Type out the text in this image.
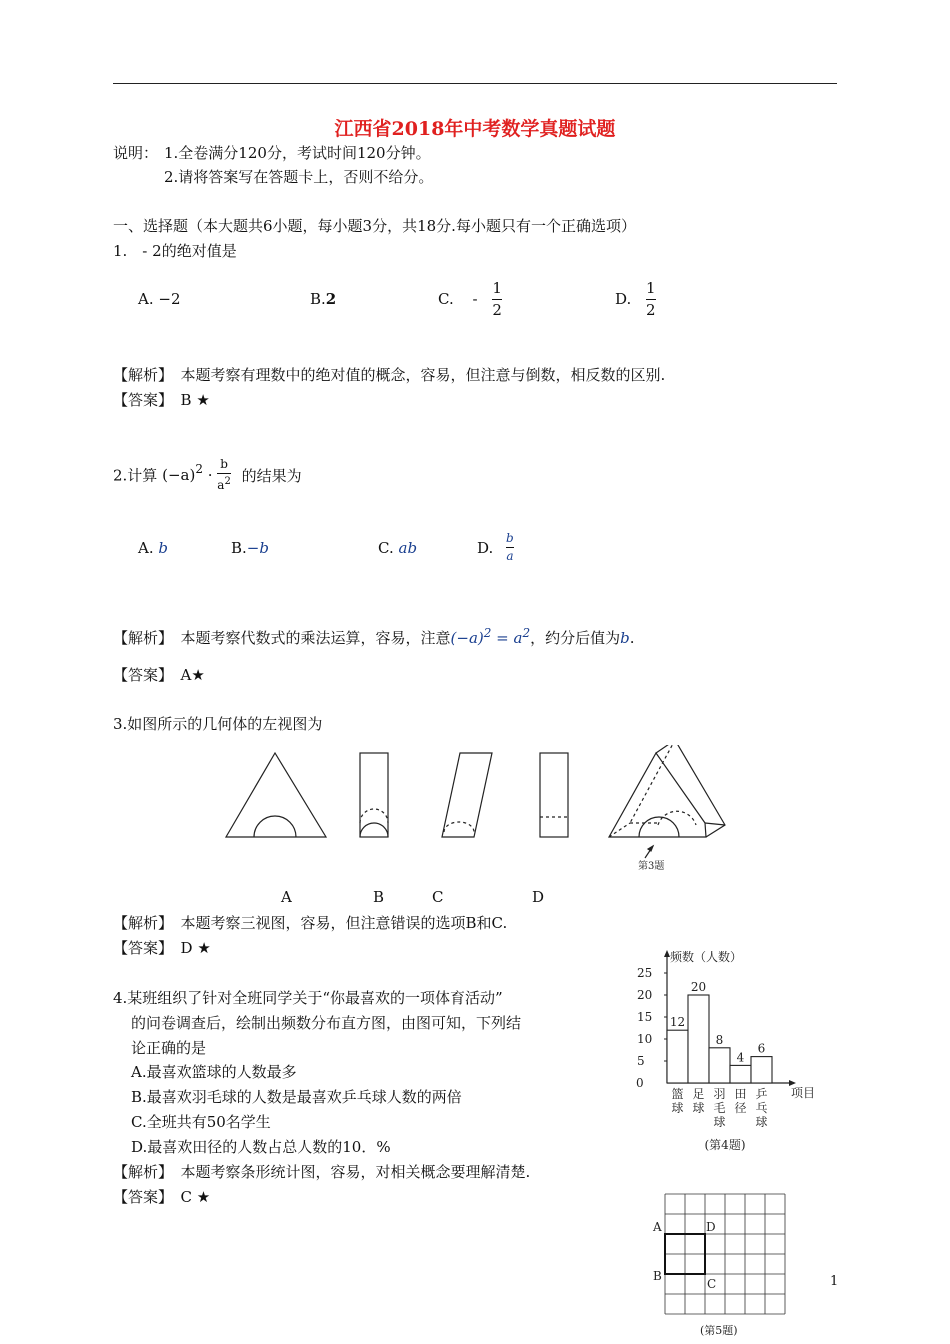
江西省2018年中考数学真题试题
说明： 1.全卷满分120分，考试时间120分钟。
2.请将答案写在答题卡上，否则不给分。
一、选择题（本大题共6小题，每小题3分，共18分.每小题只有一个正确选项）
1.　- 2的绝对值是
A. −2	B.2	C. - $\frac{1}{2}$	D. $\frac{1}{2}$
【解析】　 本题考察有理数中的绝对值的概念，容易，但注意与倒数，相反数的区别.
【答案】　 B ★
2.计算 $(-a)^2 \cdot \frac{b}{a^2}$ 的结果为
A. b	B.−b	C. ab	D. $\frac{b}{a}$
【解析】　 本题考察代数式的乘法运算，容易，注意$(-a)^2 = a^2$，约分后值为b.
【答案】　 A★
3.如图所示的几何体的左视图为
第3题
A	B	C	D
【解析】　 本题考察三视图，容易，但注意错误的选项B和C.
【答案】　 D ★
4.某班组织了针对全班同学关于“你最喜欢的一项体育活动”
的问卷调查后，绘制出频数分布直方图，由图可知，下列结
论正确的是
A.最喜欢篮球的人数最多
B.最喜欢羽毛球的人数是最喜欢乒乓球人数的两倍
C.全班共有50名学生
D.最喜欢田径的人数占总人数的10．%
【解析】　 本题考察条形统计图，容易，对相关概念要理解清楚.
【答案】　 C ★
频数（人数）
项目
0
5
10
15
20
25
12
篮球
20
足球
8
羽毛球
4
田径
6
乒乓球
(第4题)
A	D
B
C
(第5题)
1
